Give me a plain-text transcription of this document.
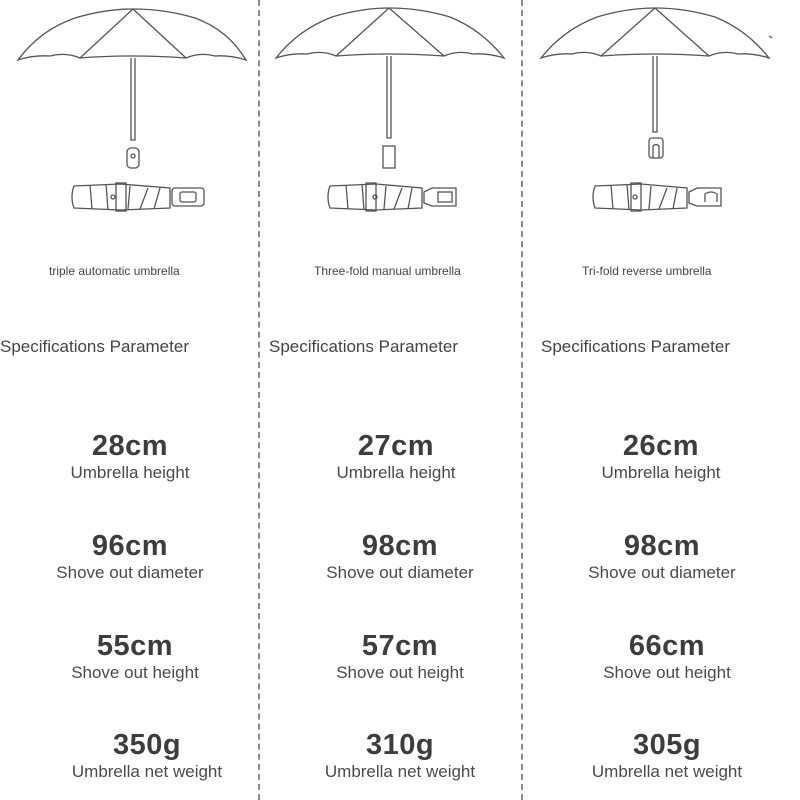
triple automatic umbrella
Specifications Parameter
28cm
Umbrella height
96cm
Shove out diameter
55cm
Shove out height
350g
Umbrella net weight
Three-fold manual umbrella
Specifications Parameter
27cm
Umbrella height
98cm
Shove out diameter
57cm
Shove out height
310g
Umbrella net weight
Tri-fold reverse umbrella
Specifications Parameter
26cm
Umbrella height
98cm
Shove out diameter
66cm
Shove out height
305g
Umbrella net weight
